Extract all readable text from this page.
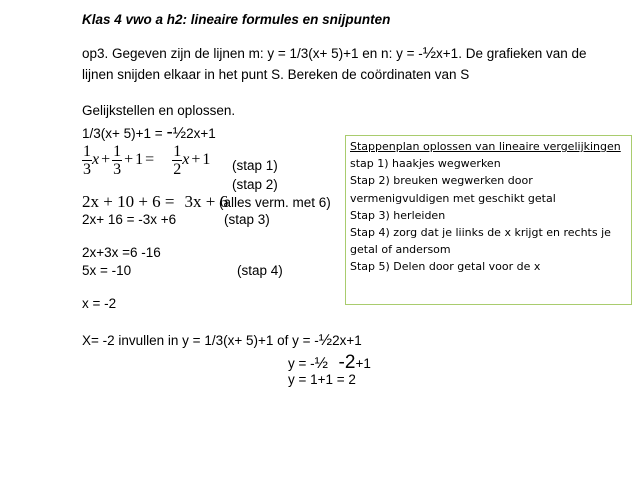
Klas 4 vwo a h2: lineaire formules en snijpunten
op3. Gegeven zijn de lijnen m: y = 1/3(x+ 5)+1 en n: y = -½x+1. De grafieken van de
lijnen snijden elkaar in het punt S. Bereken de coördinaten van S
Gelijkstellen en oplossen.
1/3(x+ 5)+1 = -½2x+1
$\frac{1}{3}$ $x + \frac{1}{3} + 1 = \frac{1}{2}$ x + 1 (stap 1)
(stap 2)
2x + 10 + 6 = 3x + 6
(alles verm. met 6)
2x+ 16 = -3x +6	(stap 3)
2x+3x =6 -16
5x = -10	(stap 4)
x = -2
X= -2 invullen in y = 1/3(x+ 5)+1 of y = -½2x+1
y = -½  -2+1
y = 1+1 = 2
Stappenplan oplossen van lineaire vergelijkingen
stap 1) haakjes wegwerken
Stap 2) breuken wegwerken door
vermenigvuldigen met geschikt getal
Stap 3) herleiden
Stap 4) zorg dat je liinks de x krijgt en rechts je
getal of andersom
Stap 5) Delen door getal voor de x
